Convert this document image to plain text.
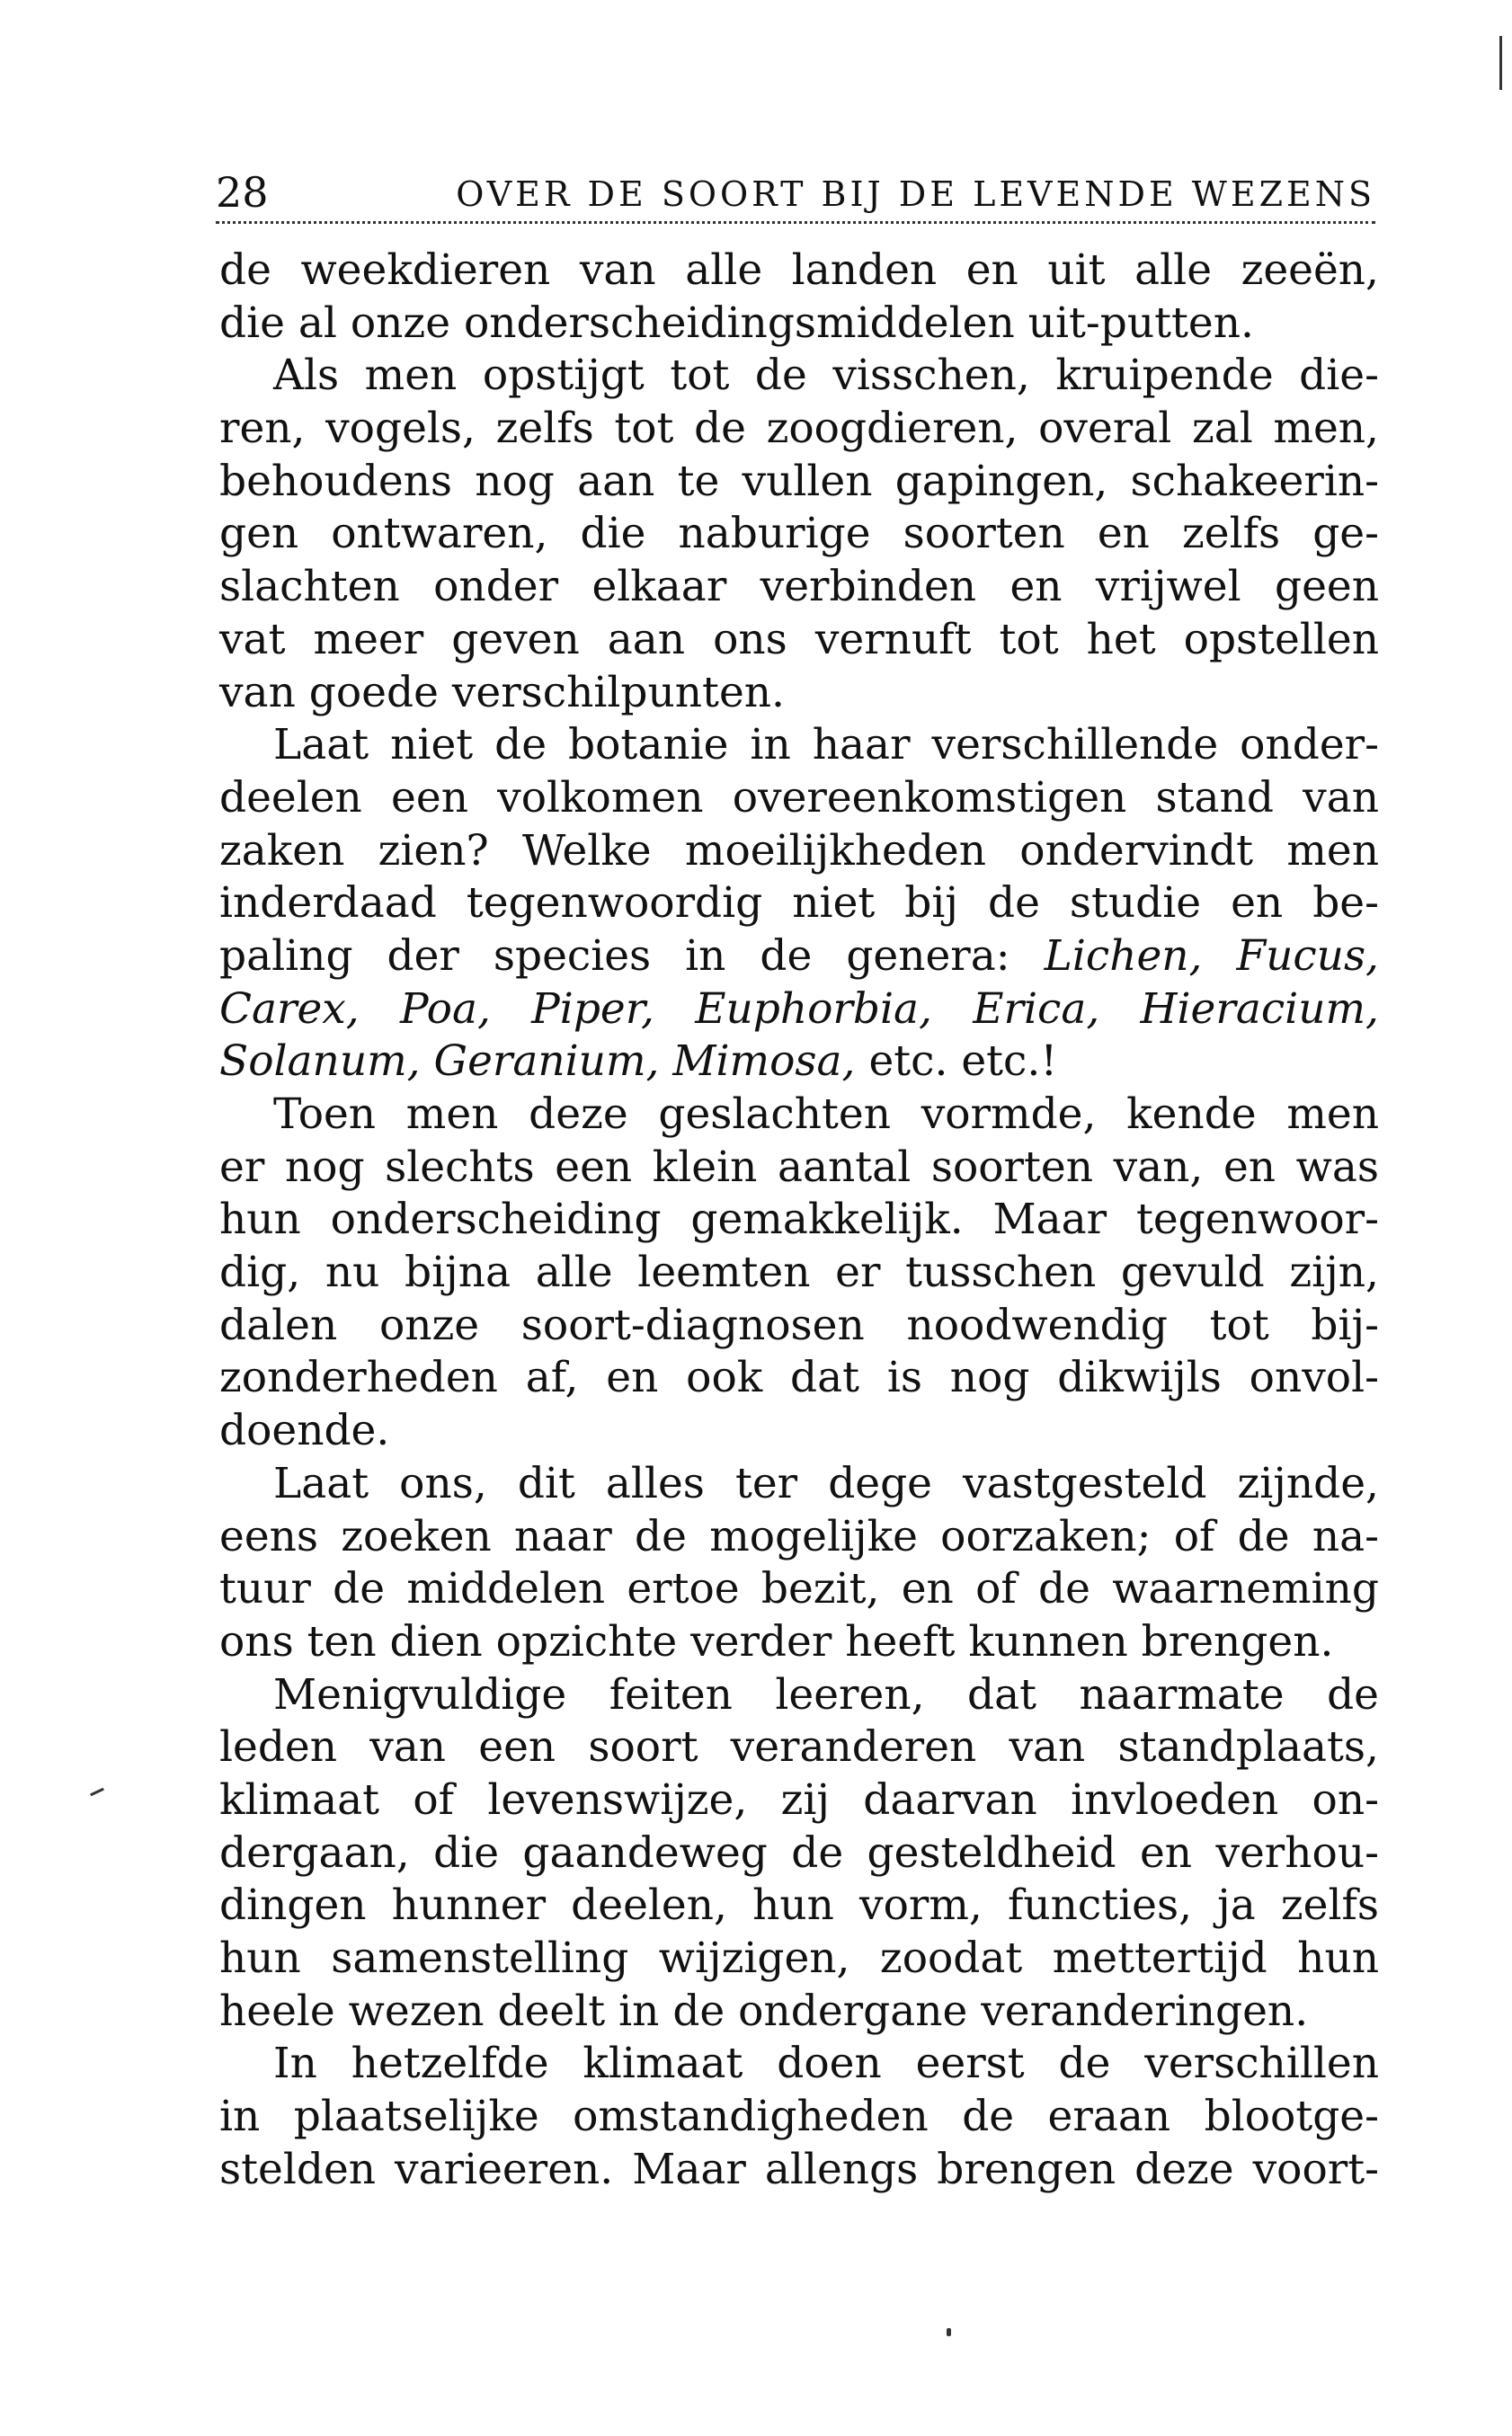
28	OVER DE SOORT BIJ DE LEVENDE WEZENS
de weekdieren van alle landen en uit alle zeeën,
die al onze onderscheidingsmiddelen uit-putten.
Als men opstijgt tot de visschen, kruipende die-
ren, vogels, zelfs tot de zoogdieren, overal zal men,
behoudens nog aan te vullen gapingen, schakeerin-
gen ontwaren, die naburige soorten en zelfs ge-
slachten onder elkaar verbinden en vrijwel geen
vat meer geven aan ons vernuft tot het opstellen
van goede verschilpunten.
Laat niet de botanie in haar verschillende onder-
deelen een volkomen overeenkomstigen stand van
zaken zien? Welke moeilijkheden ondervindt men
inderdaad tegenwoordig niet bij de studie en be-
paling der species in de genera: Lichen, Fucus,
Carex, Poa, Piper, Euphorbia, Erica, Hieracium,
Solanum, Geranium, Mimosa, etc. etc.!
Toen men deze geslachten vormde, kende men
er nog slechts een klein aantal soorten van, en was
hun onderscheiding gemakkelijk. Maar tegenwoor-
dig, nu bijna alle leemten er tusschen gevuld zijn,
dalen onze soort-diagnosen noodwendig tot bij-
zonderheden af, en ook dat is nog dikwijls onvol-
doende.
Laat ons, dit alles ter dege vastgesteld zijnde,
eens zoeken naar de mogelijke oorzaken; of de na-
tuur de middelen ertoe bezit, en of de waarneming
ons ten dien opzichte verder heeft kunnen brengen.
Menigvuldige feiten leeren, dat naarmate de
leden van een soort veranderen van standplaats,
klimaat of levenswijze, zij daarvan invloeden on-
dergaan, die gaandeweg de gesteldheid en verhou-
dingen hunner deelen, hun vorm, functies, ja zelfs
hun samenstelling wijzigen, zoodat mettertijd hun
heele wezen deelt in de ondergane veranderingen.
In hetzelfde klimaat doen eerst de verschillen
in plaatselijke omstandigheden de eraan blootge-
stelden varieeren. Maar allengs brengen deze voort-
